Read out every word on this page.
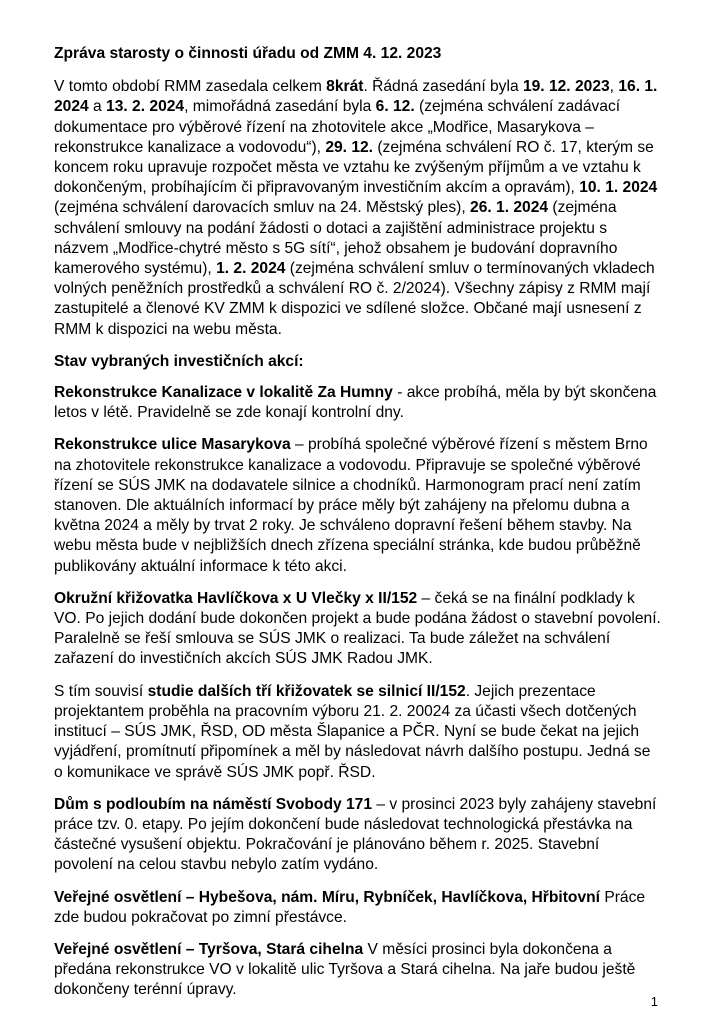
Zpráva starosty o činnosti úřadu od ZMM 4. 12. 2023

V tomto období RMM zasedala celkem 8krát. Řádná zasedání byla 19. 12. 2023, 16. 1. 2024 a 13. 2. 2024, mimořádná zasedání byla 6. 12. (zejména schválení zadávací dokumentace pro výběrové řízení na zhotovitele akce „Modřice, Masarykova – rekonstrukce kanalizace a vodovodu“), 29. 12. (zejména schválení RO č. 17, kterým se koncem roku upravuje rozpočet města ve vztahu ke zvýšeným příjmům a ve vztahu k dokončeným, probíhajícím či připravovaným investičním akcím a opravám), 10. 1. 2024 (zejména schválení darovacích smluv na 24. Městský ples), 26. 1. 2024 (zejména schválení smlouvy na podání žádosti o dotaci a zajištění administrace projektu s názvem „Modřice-chytré město s 5G sítí“, jehož obsahem je budování dopravního kamerového systému), 1. 2. 2024 (zejména schválení smluv o termínovaných vkladech volných peněžních prostředků a schválení RO č. 2/2024). Všechny zápisy z RMM mají zastupitelé a členové KV ZMM k dispozici ve sdílené složce. Občané mají usnesení z RMM k dispozici na webu města.

Stav vybraných investičních akcí:

Rekonstrukce Kanalizace v lokalitě Za Humny - akce probíhá, měla by být skončena letos v létě. Pravidelně se zde konají kontrolní dny.

Rekonstrukce ulice Masarykova – probíhá společné výběrové řízení s městem Brno na zhotovitele rekonstrukce kanalizace a vodovodu. Připravuje se společné výběrové řízení se SÚS JMK na dodavatele silnice a chodníků. Harmonogram prací není zatím stanoven. Dle aktuálních informací by práce měly být zahájeny na přelomu dubna a května 2024 a měly by trvat 2 roky. Je schváleno dopravní řešení během stavby. Na webu města bude v nejbližších dnech zřízena speciální stránka, kde budou průběžně publikovány aktuální informace k této akci.

Okružní křižovatka Havlíčkova x U Vlečky x II/152 – čeká se na finální podklady k VO. Po jejich dodání bude dokončen projekt a bude podána žádost o stavební povolení. Paralelně se řeší smlouva se SÚS JMK o realizaci. Ta bude záležet na schválení zařazení do investičních akcích SÚS JMK Radou JMK.

S tím souvisí studie dalších tří křižovatek se silnicí II/152. Jejich prezentace projektantem proběhla na pracovním výboru 21. 2. 20024 za účasti všech dotčených institucí – SÚS JMK, ŘSD, OD města Šlapanice a PČR. Nyní se bude čekat na jejich vyjádření, promítnutí připomínek a měl by následovat návrh dalšího postupu. Jedná se o komunikace ve správě SÚS JMK popř. ŘSD.

Dům s podloubím na náměstí Svobody 171 – v prosinci 2023 byly zahájeny stavební práce tzv. 0. etapy. Po jejím dokončení bude následovat technologická přestávka na částečné vysušení objektu. Pokračování je plánováno během r. 2025. Stavební povolení na celou stavbu nebylo zatím vydáno.

Veřejné osvětlení – Hybešova, nám. Míru, Rybníček, Havlíčkova, Hřbitovní Práce zde budou pokračovat po zimní přestávce.

Veřejné osvětlení – Tyršova, Stará cihelna V měsíci prosinci byla dokončena a předána rekonstrukce VO v lokalitě ulic Tyršova a Stará cihelna. Na jaře budou ještě dokončeny terénní úpravy.

1
